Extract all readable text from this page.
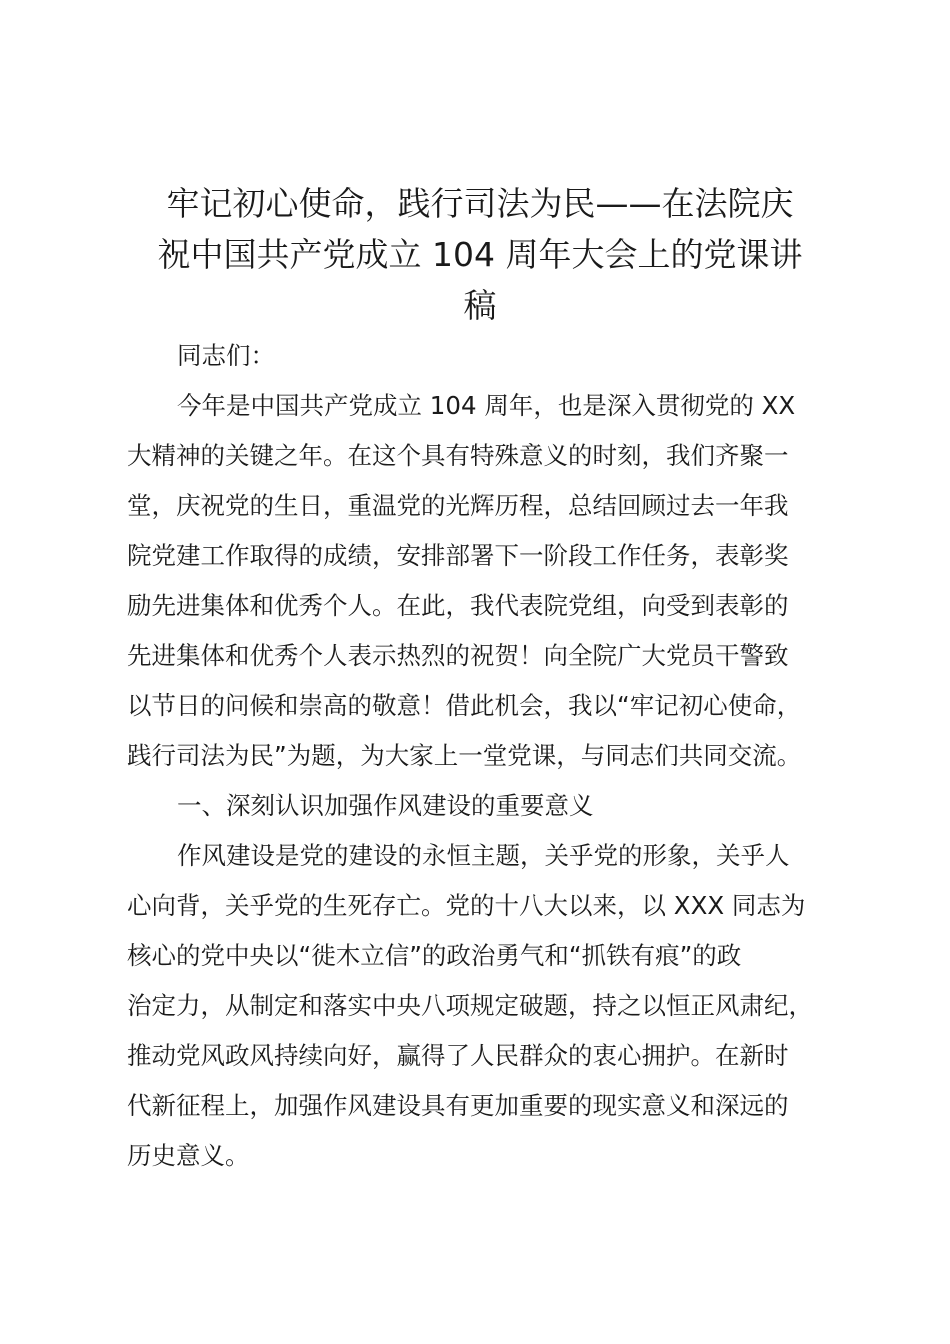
牢记初心使命，践行司法为民——在法院庆
祝中国共产党成立 104 周年大会上的党课讲
稿

同志们：

今年是中国共产党成立 104 周年，也是深入贯彻党的 XX
大精神的关键之年。在这个具有特殊意义的时刻，我们齐聚一
堂，庆祝党的生日，重温党的光辉历程，总结回顾过去一年我
院党建工作取得的成绩，安排部署下一阶段工作任务，表彰奖
励先进集体和优秀个人。在此，我代表院党组，向受到表彰的
先进集体和优秀个人表示热烈的祝贺！向全院广大党员干警致
以节日的问候和崇高的敬意！借此机会，我以“牢记初心使命，
践行司法为民”为题，为大家上一堂党课，与同志们共同交流。

一、深刻认识加强作风建设的重要意义

作风建设是党的建设的永恒主题，关乎党的形象，关乎人
心向背，关乎党的生死存亡。党的十八大以来，以 XXX 同志为
核心的党中央以“徙木立信”的政治勇气和“抓铁有痕”的政
治定力，从制定和落实中央八项规定破题，持之以恒正风肃纪，
推动党风政风持续向好，赢得了人民群众的衷心拥护。在新时
代新征程上，加强作风建设具有更加重要的现实意义和深远的
历史意义。
